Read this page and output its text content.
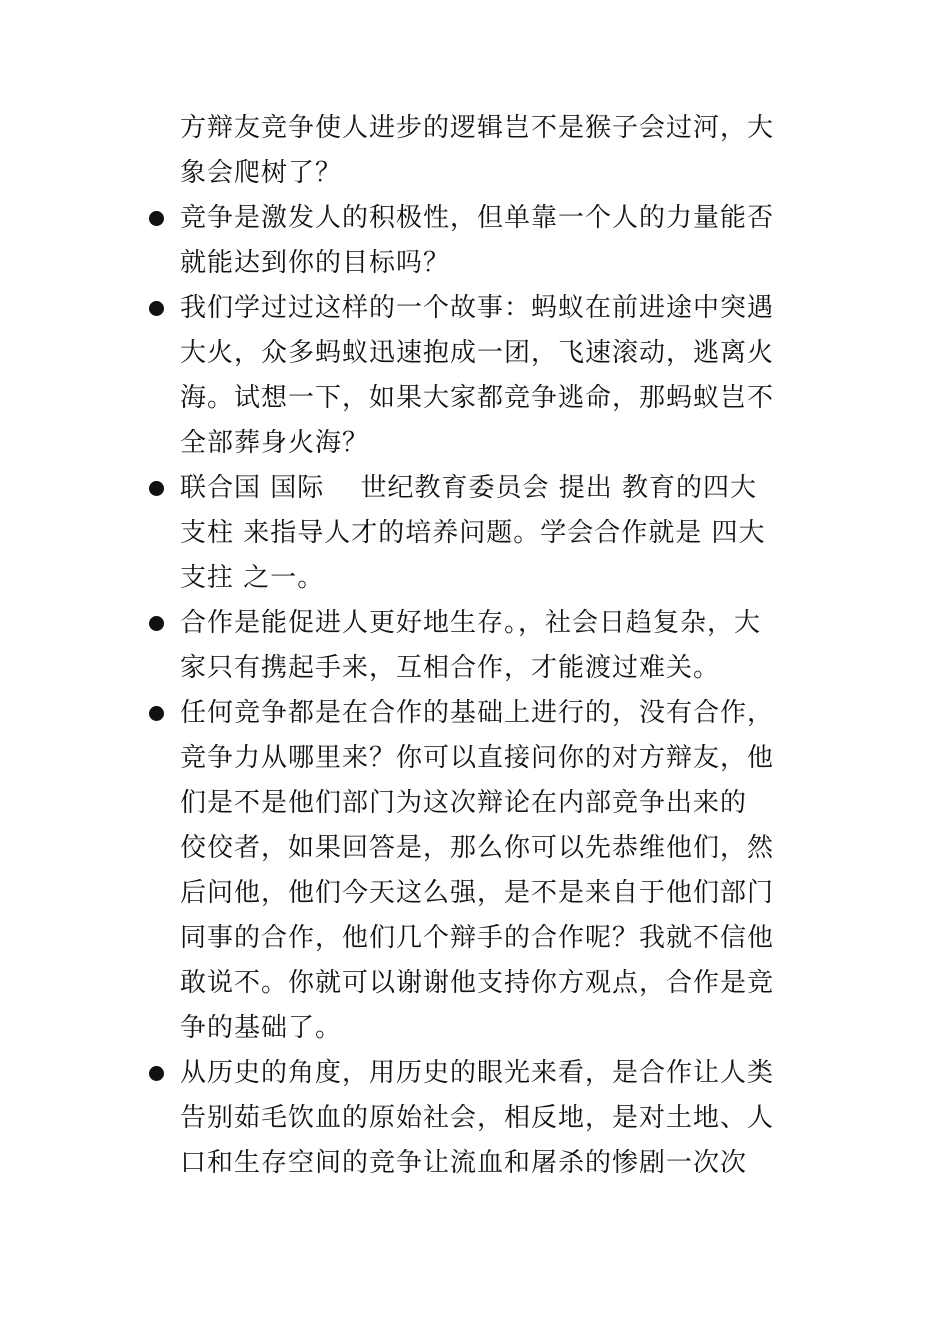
方辩友竞争使人进步的逻辑岂不是猴子会过河，大
象会爬树了？
竞争是激发人的积极性，但单靠一个人的力量能否
就能达到你的目标吗？
我们学过过这样的一个故事：蚂蚁在前进途中突遇
大火，众多蚂蚁迅速抱成一团，飞速滚动，逃离火
海。试想一下，如果大家都竞争逃命，那蚂蚁岂不
全部葬身火海？
联合国 国际　 世纪教育委员会 提出 教育的四大
支柱 来指导人才的培养问题。学会合作就是 四大
支拄 之一。
合作是能促进人更好地生存。，社会日趋复杂，大
家只有携起手来，互相合作，才能渡过难关。
任何竞争都是在合作的基础上进行的，没有合作，
竞争力从哪里来？你可以直接问你的对方辩友，他
们是不是他们部门为这次辩论在内部竞争出来的
佼佼者，如果回答是，那么你可以先恭维他们，然
后问他，他们今天这么强，是不是来自于他们部门
同事的合作，他们几个辩手的合作呢？我就不信他
敢说不。你就可以谢谢他支持你方观点，合作是竞
争的基础了。
从历史的角度，用历史的眼光来看，是合作让人类
告别茹毛饮血的原始社会，相反地，是对土地、人
口和生存空间的竞争让流血和屠杀的惨剧一次次
